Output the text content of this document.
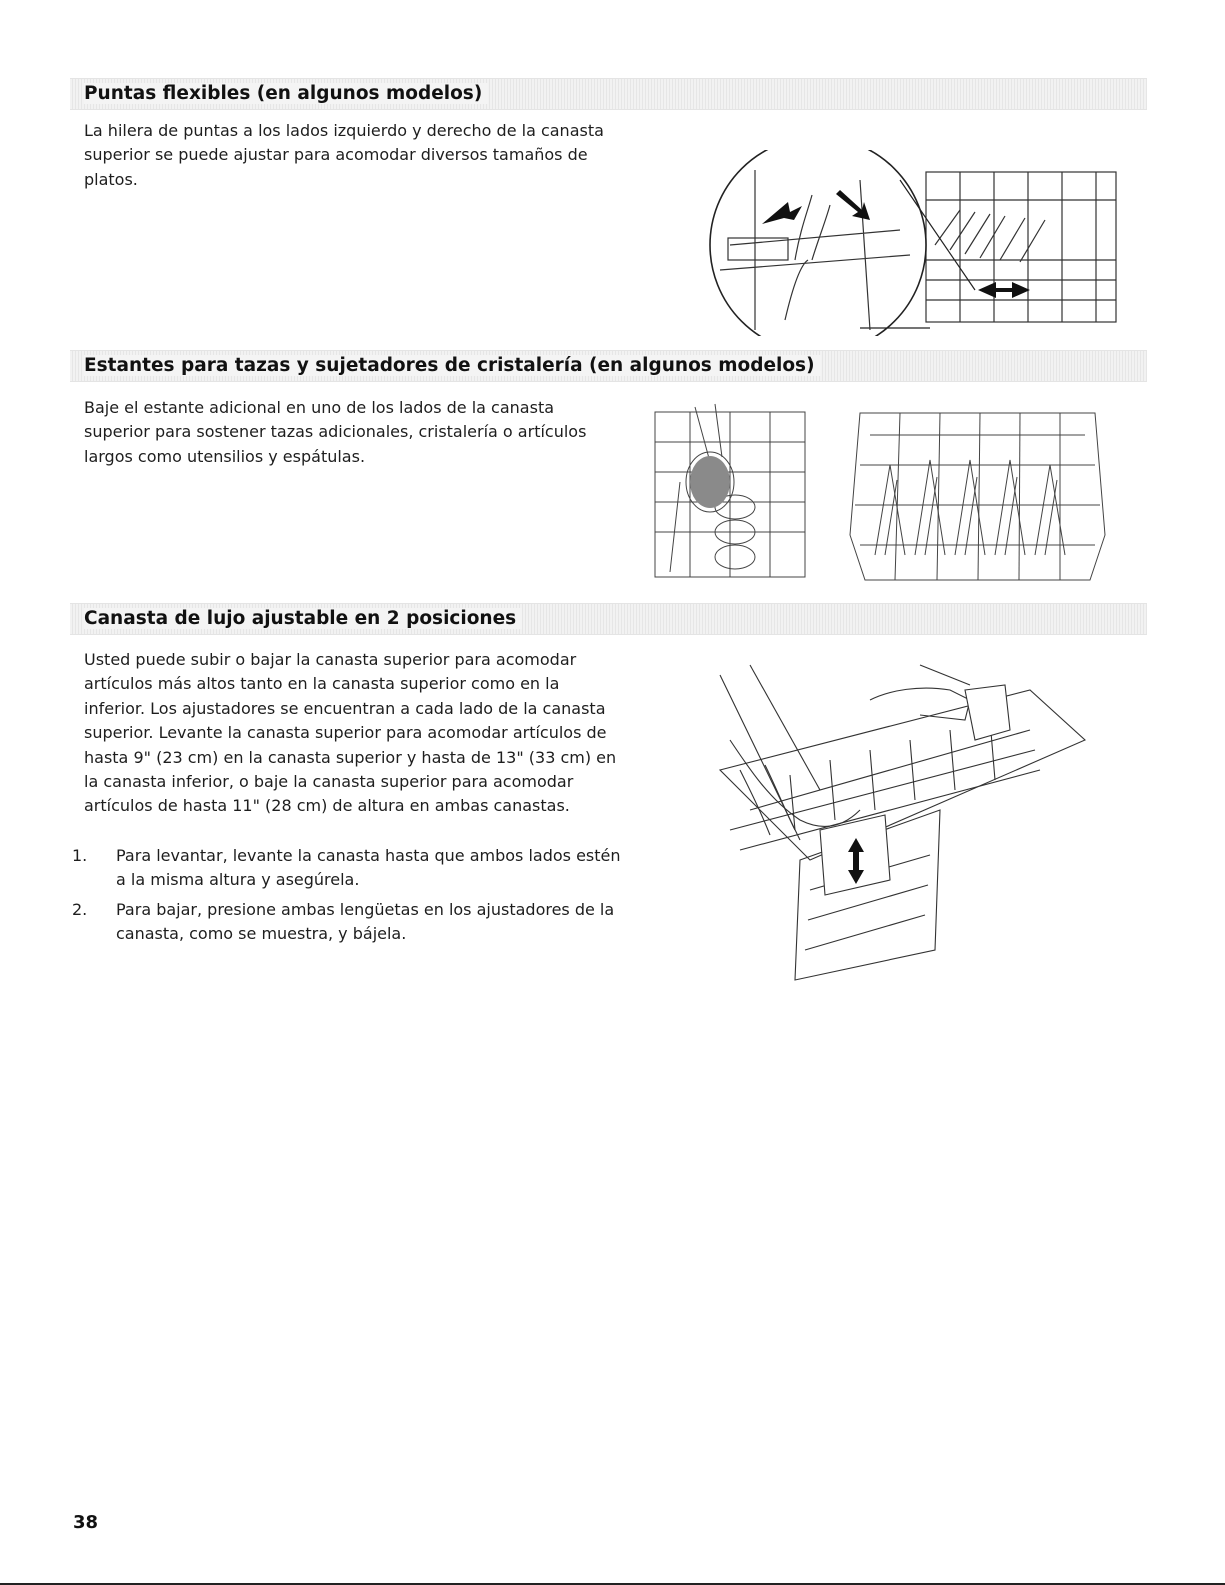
Puntas flexibles (en algunos modelos)

La hilera de puntas a los lados izquierdo y derecho de la canasta superior se puede ajustar para acomodar diversos tamaños de platos.

Estantes para tazas y sujetadores de cristalería (en algunos modelos)

Baje el estante adicional en uno de los lados de la canasta superior para sostener tazas adicionales, cristalería o artículos largos como utensilios y espátulas.

Canasta de lujo ajustable en 2 posiciones

Usted puede subir o bajar la canasta superior para acomodar artículos más altos tanto en la canasta superior como en la inferior. Los ajustadores se encuentran a cada lado de la canasta superior. Levante la canasta superior para acomodar artículos de hasta 9" (23 cm) en la canasta superior y hasta de 13" (33 cm) en la canasta inferior, o baje la canasta superior para acomodar artículos de hasta 11" (28 cm) de altura en ambas canastas.

1.	Para levantar, levante la canasta hasta que ambos lados estén a la misma altura y asegúrela.
2.	Para bajar, presione ambas lengüetas en los ajustadores de la canasta, como se muestra, y bájela.
38
